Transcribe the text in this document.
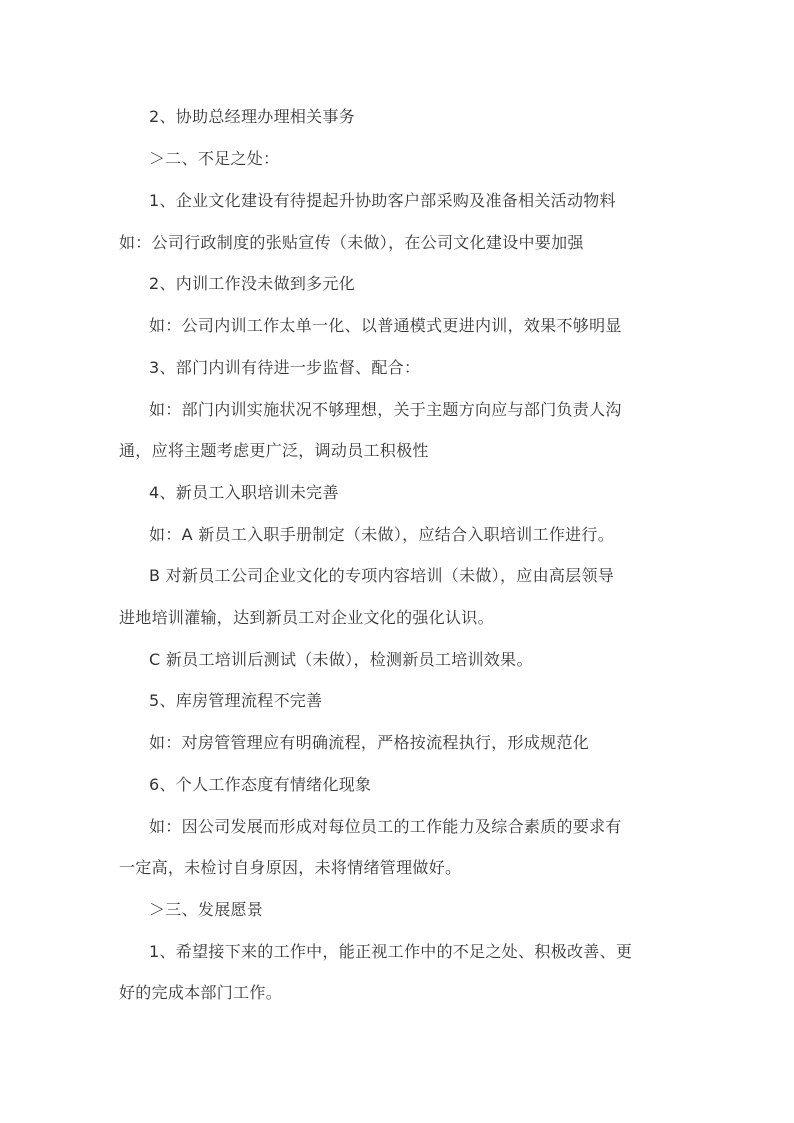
2、协助总经理办理相关事务
＞二、不足之处：
1、企业文化建设有待提起升协助客户部采购及准备相关活动物料
如：公司行政制度的张贴宣传（未做），在公司文化建设中要加强
2、内训工作没未做到多元化
如：公司内训工作太单一化、以普通模式更进内训，效果不够明显
3、部门内训有待进一步监督、配合：
如：部门内训实施状况不够理想，关于主题方向应与部门负责人沟
通，应将主题考虑更广泛，调动员工积极性
4、新员工入职培训未完善
如：A 新员工入职手册制定（未做），应结合入职培训工作进行。
B 对新员工公司企业文化的专项内容培训（未做），应由高层领导
进地培训灌输，达到新员工对企业文化的强化认识。
C 新员工培训后测试（未做），检测新员工培训效果。
5、库房管理流程不完善
如：对房管管理应有明确流程，严格按流程执行，形成规范化
6、个人工作态度有情绪化现象
如：因公司发展而形成对每位员工的工作能力及综合素质的要求有
一定高，未检讨自身原因，未将情绪管理做好。
＞三、发展愿景
1、希望接下来的工作中，能正视工作中的不足之处、积极改善、更
好的完成本部门工作。
